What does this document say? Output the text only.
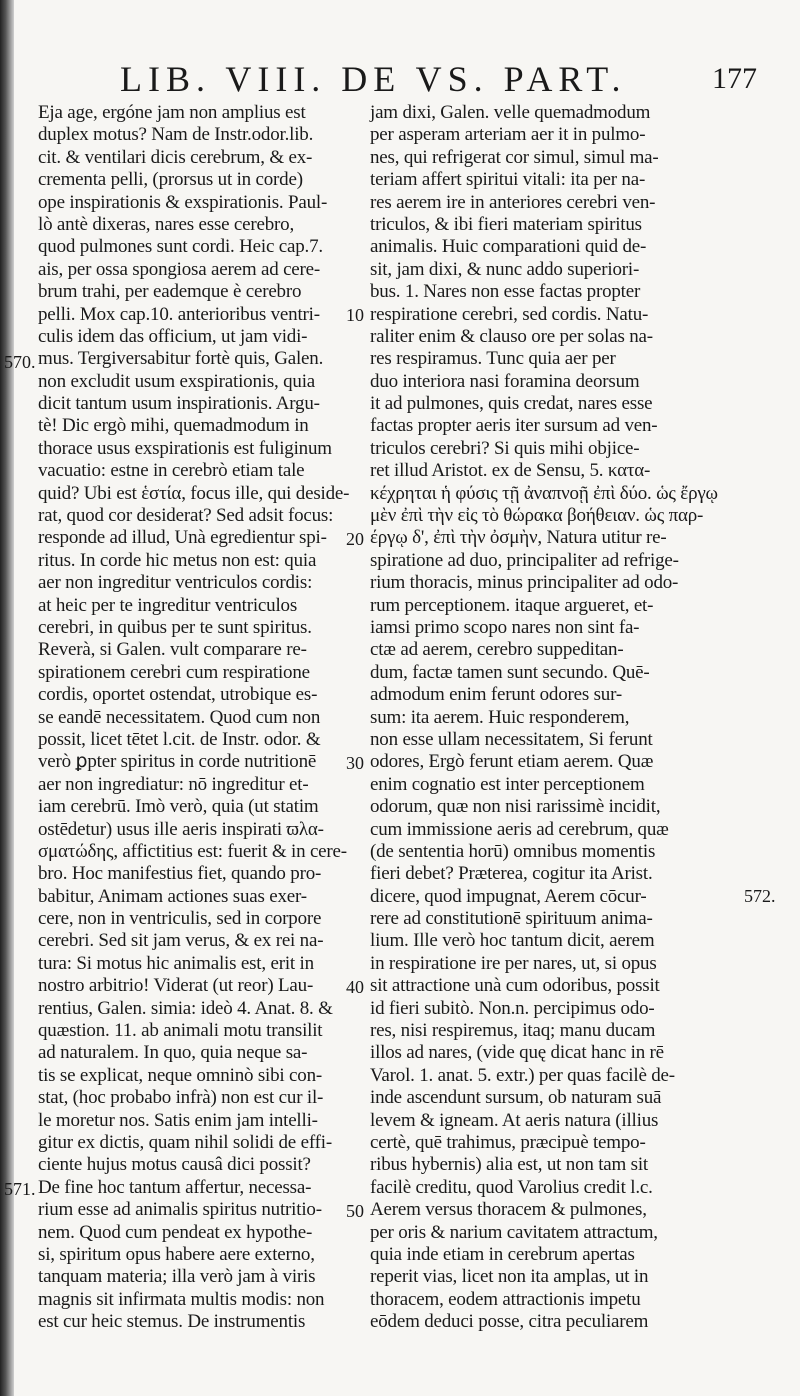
LIB. VIII. DE VS. PART.	177
Eja age, ergóne jam non amplius est
duplex motus? Nam de Instr.odor.lib.
cit. & ventilari dicis cerebrum, & ex-
crementa pelli, (prorsus ut in corde)
ope inspirationis & exspirationis. Paul-
lò antè dixeras, nares esse cerebro,
quod pulmones sunt cordi. Heic cap.7.
ais, per ossa spongiosa aerem ad cere-
brum trahi, per eademque è cerebro
pelli. Mox cap.10. anterioribus ventri-
culis idem das officium, ut jam vidi-
mus. Tergiversabitur fortè quis, Galen.
non excludit usum exspirationis, quia
dicit tantum usum inspirationis. Argu-
tè! Dic ergò mihi, quemadmodum in
thorace usus exspirationis est fuliginum
vacuatio: estne in cerebrò etiam tale
quid? Ubi est ἑστία, focus ille, qui deside-
rat, quod cor desiderat? Sed adsit focus:
responde ad illud, Unà egredientur spi-
ritus. In corde hic metus non est: quia
aer non ingreditur ventriculos cordis:
at heic per te ingreditur ventriculos
cerebri, in quibus per te sunt spiritus.
Reverà, si Galen. vult comparare re-
spirationem cerebri cum respiratione
cordis, oportet ostendat, utrobique es-
se eandē necessitatem. Quod cum non
possit, licet tētet l.cit. de Instr. odor. &
verò ꝑpter spiritus in corde nutritionē
aer non ingrediatur: nō ingreditur et-
iam cerebrū. Imò verò, quia (ut statim
ostēdetur) usus ille aeris inspirati ϖλα-
σματώδης, affictitius est: fuerit & in cere-
bro. Hoc manifestius fiet, quando pro-
babitur, Animam actiones suas exer-
cere, non in ventriculis, sed in corpore
cerebri. Sed sit jam verus, & ex rei na-
tura: Si motus hic animalis est, erit in
nostro arbitrio! Viderat (ut reor) Lau-
rentius, Galen. simia: ideò 4. Anat. 8. &
quæstion. 11. ab animali motu transilit
ad naturalem. In quo, quia neque sa-
tis se explicat, neque omninò sibi con-
stat, (hoc probabo infrà) non est cur il-
le moretur nos. Satis enim jam intelli-
gitur ex dictis, quam nihil solidi de effi-
ciente hujus motus causâ dici possit?
De fine hoc tantum affertur, necessa-
rium esse ad animalis spiritus nutritio-
nem. Quod cum pendeat ex hypothe-
si, spiritum opus habere aere externo,
tanquam materia; illa verò jam à viris
magnis sit infirmata multis modis: non
est cur heic stemus. De instrumentis
jam dixi, Galen. velle quemadmodum
per asperam arteriam aer it in pulmo-
nes, qui refrigerat cor simul, simul ma-
teriam affert spiritui vitali: ita per na-
res aerem ire in anteriores cerebri ven-
triculos, & ibi fieri materiam spiritus
animalis. Huic comparationi quid de-
sit, jam dixi, & nunc addo superiori-
bus. 1. Nares non esse factas propter
respiratione cerebri, sed cordis. Natu-
raliter enim & clauso ore per solas na-
res respiramus. Tunc quia aer per
duo interiora nasi foramina deorsum
it ad pulmones, quis credat, nares esse
factas propter aeris iter sursum ad ven-
triculos cerebri? Si quis mihi objice-
ret illud Aristot. ex de Sensu, 5. κατα-
κέχρηται ἡ φύσις τῇ ἀναπνοῇ ἐπὶ δύο. ὡς ἔργῳ
μὲν ἐπὶ τὴν εἰς τὸ θώρακα βοήθειαν. ὡς παρ-
έργῳ δ', ἐπὶ τὴν ὀσμὴν, Natura utitur re-
spiratione ad duo, principaliter ad refrige-
rium thoracis, minus principaliter ad odo-
rum perceptionem. itaque argueret, et-
iamsi primo scopo nares non sint fa-
ctæ ad aerem, cerebro suppeditan-
dum, factæ tamen sunt secundo. Quē-
admodum enim ferunt odores sur-
sum: ita aerem. Huic responderem,
non esse ullam necessitatem, Si ferunt
odores, Ergò ferunt etiam aerem. Quæ
enim cognatio est inter perceptionem
odorum, quæ non nisi rarissimè incidit,
cum immissione aeris ad cerebrum, quæ
(de sententia horū) omnibus momentis
fieri debet? Præterea, cogitur ita Arist.
dicere, quod impugnat, Aerem cōcur-
rere ad constitutionē spirituum anima-
lium. Ille verò hoc tantum dicit, aerem
in respiratione ire per nares, ut, si opus
sit attractione unà cum odoribus, possit
id fieri subitò. Non.n. percipimus odo-
res, nisi respiremus, itaq; manu ducam
illos ad nares, (vide quę dicat hanc in rē
Varol. 1. anat. 5. extr.) per quas facilè de-
inde ascendunt sursum, ob naturam suā
levem & igneam. At aeris natura (illius
certè, quē trahimus, præcipuè tempo-
ribus hybernis) alia est, ut non tam sit
facilè creditu, quod Varolius credit l.c.
Aerem versus thoracem & pulmones,
per oris & narium cavitatem attractum,
quia inde etiam in cerebrum apertas
reperit vias, licet non ita amplas, ut in
thoracem, eodem attractionis impetu
eōdem deduci posse, citra peculiarem
10
20
30
40
50
570.
571.
572.
